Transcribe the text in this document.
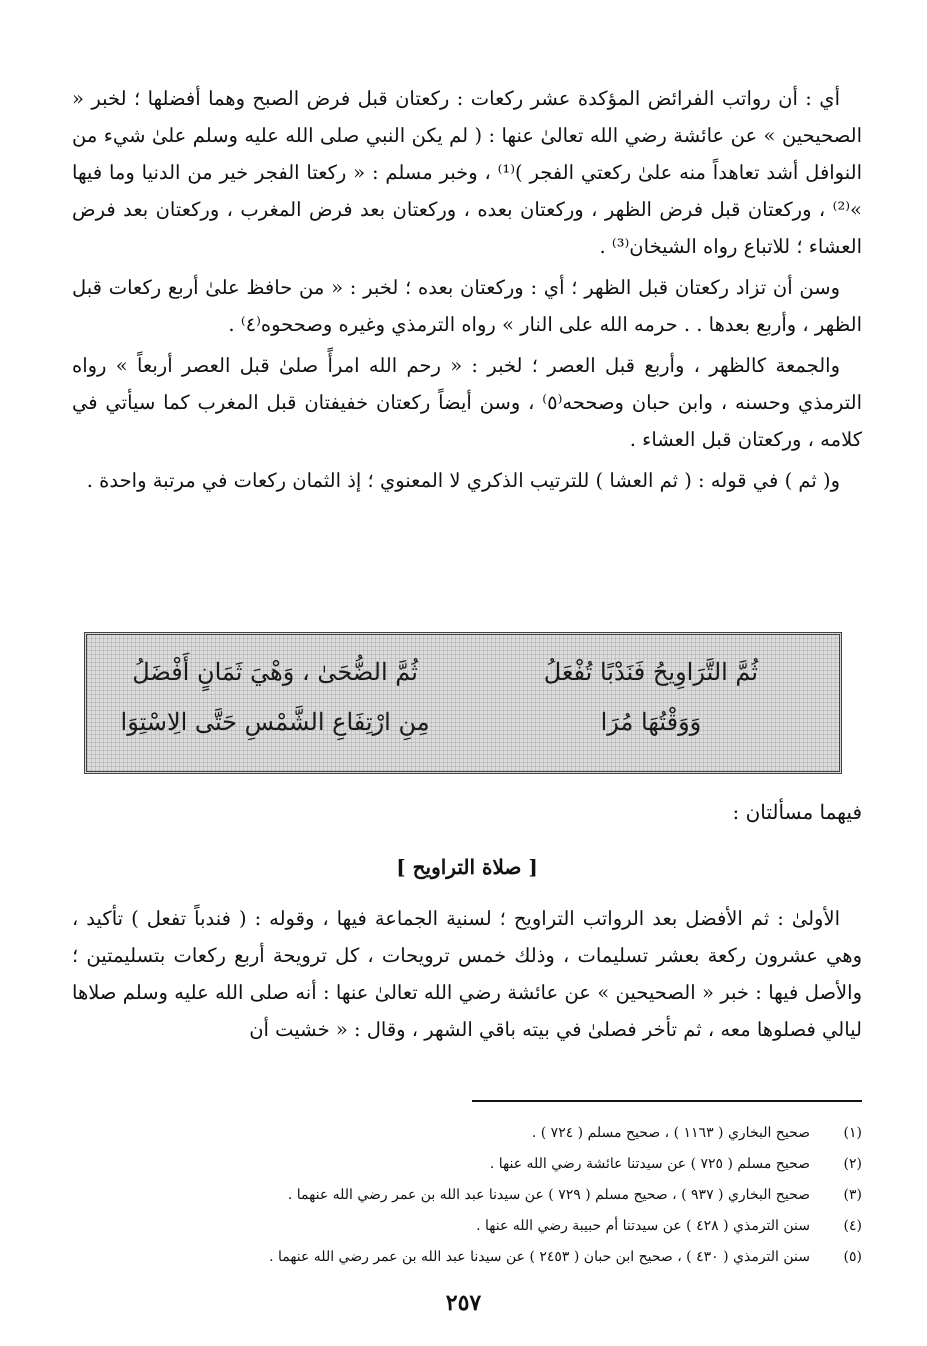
أي : أن رواتب الفرائض المؤكدة عشر ركعات : ركعتان قبل فرض الصبح وهما أفضلها ؛ لخبر « الصحيحين » عن عائشة رضي الله تعالىٰ عنها : ( لم يكن النبي صلى الله عليه وسلم علىٰ شيء من النوافل أشد تعاهداً منه علىٰ ركعتي الفجر )⁽¹⁾ ، وخبر مسلم : « ركعتا الفجر خير من الدنيا وما فيها »⁽²⁾ ، وركعتان قبل فرض الظهر ، وركعتان بعده ، وركعتان بعد فرض المغرب ، وركعتان بعد فرض العشاء ؛ للاتباع رواه الشيخان⁽³⁾ .

وسن أن تزاد ركعتان قبل الظهر ؛ أي : وركعتان بعده ؛ لخبر : « من حافظ علىٰ أربع ركعات قبل الظهر ، وأربع بعدها . . حرمه الله على النار » رواه الترمذي وغيره وصححوه⁽٤⁾ .

والجمعة كالظهر ، وأربع قبل العصر ؛ لخبر : « رحم الله امرأً صلىٰ قبل العصر أربعاً » رواه الترمذي وحسنه ، وابن حبان وصححه⁽٥⁾ ، وسن أيضاً ركعتان خفيفتان قبل المغرب كما سيأتي في كلامه ، وركعتان قبل العشاء .

و( ثم ) في قوله : ( ثم العشا ) للترتيب الذكري لا المعنوي ؛ إذ الثمان ركعات في مرتبة واحدة .

ثُمَّ التَّرَاوِيحُ فَنَدْبًا تُفْعَلُ
ثُمَّ الضُّحَىٰ ، وَهْيَ ثَمَانٍ أَفْضَلُ
وَوَقْتُهَا مُرَا
مِنِ ارْتِفَاعِ الشَّمْسِ حَتَّى الِاسْتِوَا
فيهما مسألتان :
[ صلاة التراويح ]

الأولىٰ : ثم الأفضل بعد الرواتب التراويح ؛ لسنية الجماعة فيها ، وقوله : ( فندباً تفعل ) تأكيد ، وهي عشرون ركعة بعشر تسليمات ، وذلك خمس ترويحات ، كل ترويحة أربع ركعات بتسليمتين ؛ والأصل فيها : خبر « الصحيحين » عن عائشة رضي الله تعالىٰ عنها : أنه صلى الله عليه وسلم صلاها ليالي فصلوها معه ، ثم تأخر فصلىٰ في بيته باقي الشهر ، وقال : « خشيت أن

(١)
صحيح البخاري ( ١١٦٣ ) ، صحيح مسلم ( ٧٢٤ ) .
(٢)
صحيح مسلم ( ٧٢٥ ) عن سيدتنا عائشة رضي الله عنها .
(٣)
صحيح البخاري ( ٩٣٧ ) ، صحيح مسلم ( ٧٢٩ ) عن سيدنا عبد الله بن عمر رضي الله عنهما .
(٤)
سنن الترمذي ( ٤٢٨ ) عن سيدتنا أم حبيبة رضي الله عنها .
(٥)
سنن الترمذي ( ٤٣٠ ) ، صحيح ابن حبان ( ٢٤٥٣ ) عن سيدنا عبد الله بن عمر رضي الله عنهما .
٢٥٧
